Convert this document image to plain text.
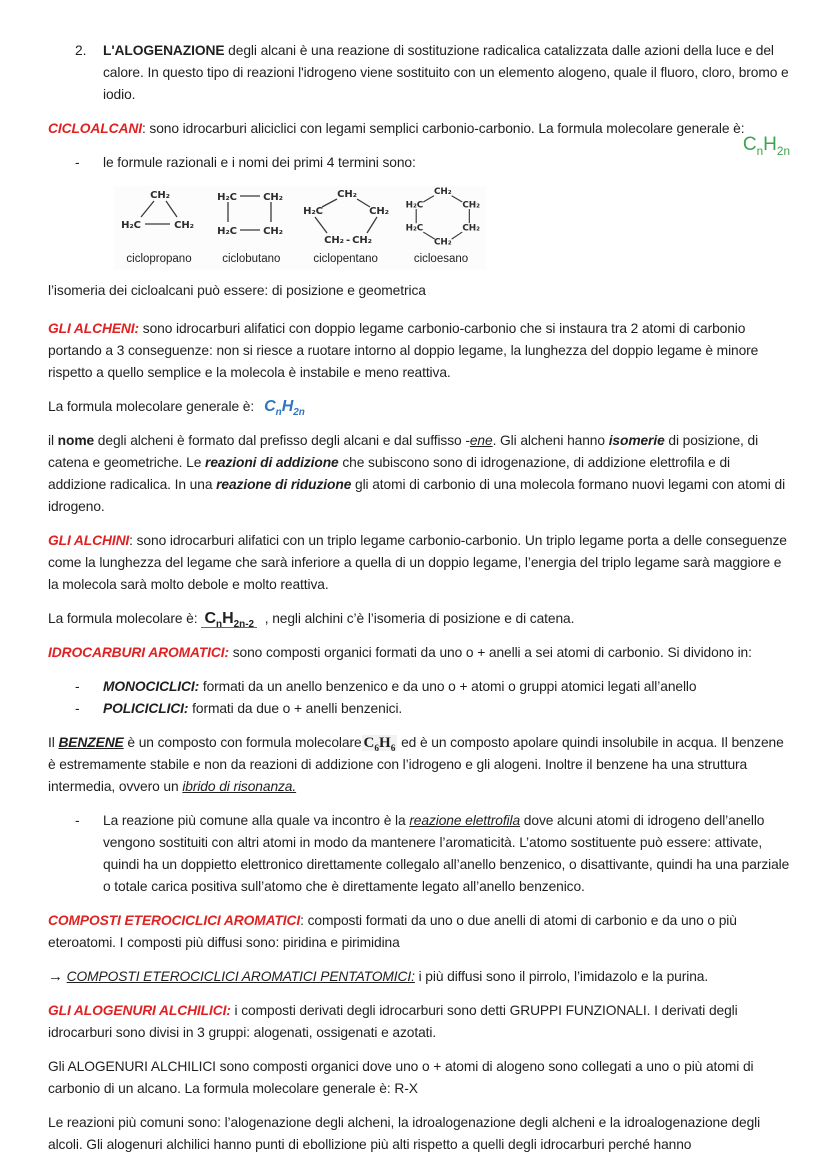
2.	L'ALOGENAZIONE degli alcani è una reazione di sostituzione radicalica catalizzata dalle azioni della luce e del calore. In questo tipo di reazioni l'idrogeno viene sostituito con un elemento alogeno, quale il fluoro, cloro, bromo e iodio.

CICLOALCANI: sono idrocarburi aliciclici con legami semplici carbonio-carbonio. La formula molecolare generale è:

-	le formule razionali e i nomi dei primi 4 termini sono:
$C_nH_{2n}$
CH₂
H₂C	CH₂
ciclopropano
H₂C	CH₂
H₂C	CH₂
ciclobutano
CH₂
H₂C	CH₂
CH₂ - CH₂
ciclopentano
CH₂
H₂C	CH₂
H₂C	CH₂
CH₂
cicloesano

l’isomeria dei cicloalcani può essere: di posizione e geometrica

GLI ALCHENI: sono idrocarburi alifatici con doppio legame carbonio-carbonio che si instaura tra 2 atomi di carbonio portando a 3 conseguenze: non si riesce a ruotare intorno al doppio legame, la lunghezza del doppio legame è minore rispetto a quello semplice e la molecola è instabile e meno reattiva.

La formula molecolare generale è: $C_nH_{2n}$

il nome degli alcheni è formato dal prefisso degli alcani e dal suffisso -ene. Gli alcheni hanno isomerie di posizione, di catena e geometriche. Le reazioni di addizione che subiscono sono di idrogenazione, di addizione elettrofila e di addizione radicalica. In una reazione di riduzione gli atomi di carbonio di una molecola formano nuovi legami con atomi di idrogeno.

GLI ALCHINI: sono idrocarburi alifatici con un triplo legame carbonio-carbonio. Un triplo legame porta a delle conseguenze come la lunghezza del legame che sarà inferiore a quella di un doppio legame, l’energia del triplo legame sarà maggiore e la molecola sarà molto debole e molto reattiva.

La formula molecolare è: $C_nH_{2n-2}$ , negli alchini c’è l’isomeria di posizione e di catena.

IDROCARBURI AROMATICI: sono composti organici formati da uno o + anelli a sei atomi di carbonio. Si dividono in:

-	MONOCICLICI: formati da un anello benzenico e da uno o + atomi o gruppi atomici legati all’anello
-	POLICICLICI: formati da due o + anelli benzenici.

Il BENZENE è un composto con formula molecolare $C_6H_6$ ed è un composto apolare quindi insolubile in acqua. Il benzene è estremamente stabile e non da reazioni di addizione con l’idrogeno e gli alogeni. Inoltre il benzene ha una struttura intermedia, ovvero un ibrido di risonanza.

-	La reazione più comune alla quale va incontro è la reazione elettrofila dove alcuni atomi di idrogeno dell’anello vengono sostituiti con altri atomi in modo da mantenere l’aromaticità. L’atomo sostituente può essere: attivate, quindi ha un doppietto elettronico direttamente collegalo all’anello benzenico, o disattivante, quindi ha una parziale o totale carica positiva sull’atomo che è direttamente legato all’anello benzenico.

COMPOSTI ETEROCICLICI AROMATICI: composti formati da uno o due anelli di atomi di carbonio e da uno o più eteroatomi. I composti più diffusi sono: piridina e pirimidina

→ COMPOSTI ETEROCICLICI AROMATICI PENTATOMICI: i più diffusi sono il pirrolo, l’imidazolo e la purina.

GLI ALOGENURI ALCHILICI: i composti derivati degli idrocarburi sono detti GRUPPI FUNZIONALI. I derivati degli idrocarburi sono divisi in 3 gruppi: alogenati, ossigenati e azotati.

Gli ALOGENURI ALCHILICI sono composti organici dove uno o + atomi di alogeno sono collegati a uno o più atomi di carbonio di un alcano. La formula molecolare generale è: R-X

Le reazioni più comuni sono: l’alogenazione degli alcheni, la idroalogenazione degli alcheni e la idroalogenazione degli alcoli. Gli alogenuri alchilici hanno punti di ebollizione più alti rispetto a quelli degli idrocarburi perché hanno
